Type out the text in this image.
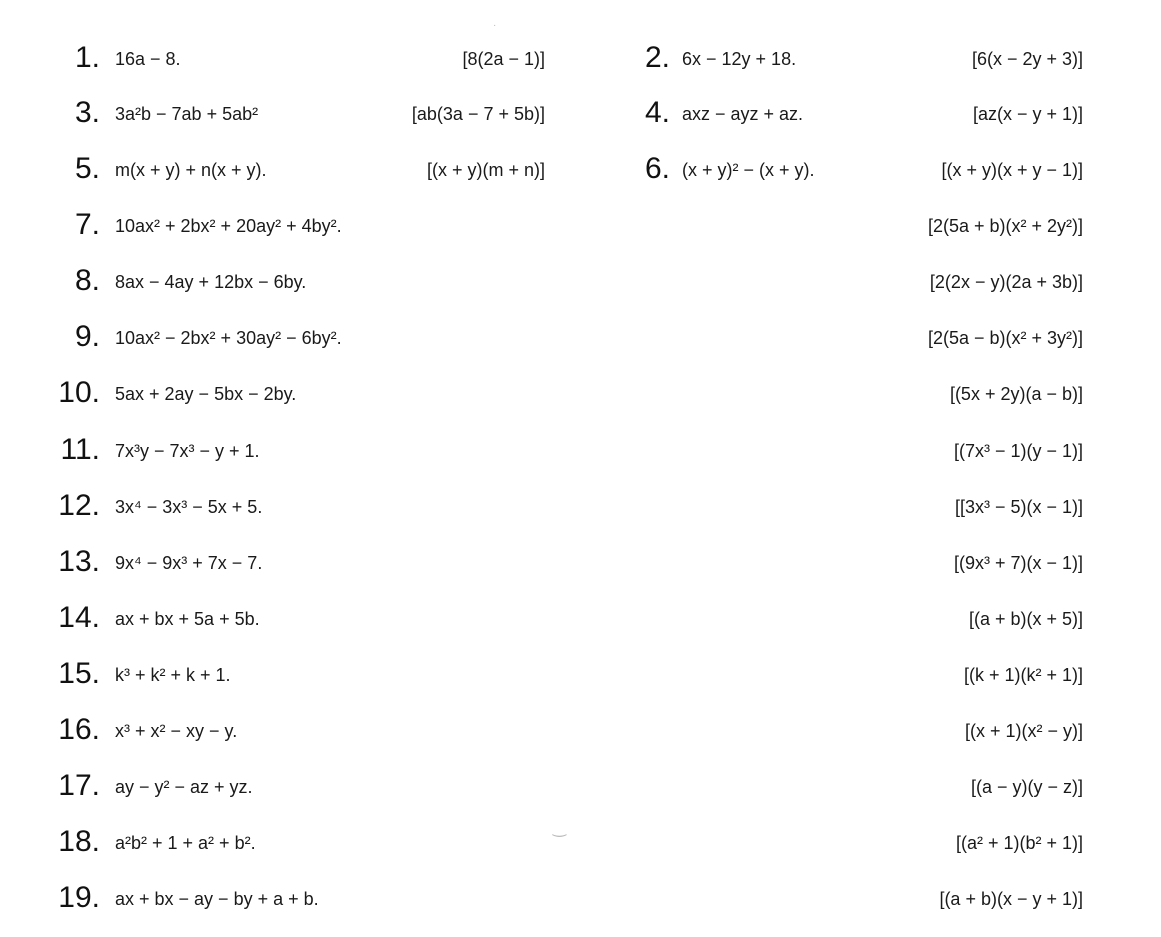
1. 16a − 8.	[8(2a − 1)]	2. 6x − 12y + 18.	[6(x − 2y + 3)]
3. 3a²b − 7ab + 5ab²	[ab(3a − 7 + 5b)]	4. axz − ayz + az.	[az(x − y + 1)]
5. m(x + y) + n(x + y).	[(x + y)(m + n)]	6. (x + y)² − (x + y).	[(x + y)(x + y − 1)]
7. 10ax² + 2bx² + 20ay² + 4by².	[2(5a + b)(x² + 2y²)]
8. 8ax − 4ay + 12bx − 6by.	[2(2x − y)(2a + 3b)]
9. 10ax² − 2bx² + 30ay² − 6by².	[2(5a − b)(x² + 3y²)]
10. 5ax + 2ay − 5bx − 2by.	[(5x + 2y)(a − b)]
11. 7x³y − 7x³ − y + 1.	[(7x³ − 1)(y − 1)]
12. 3x⁴ − 3x³ − 5x + 5.	[[3x³ − 5)(x − 1)]
13. 9x⁴ − 9x³ + 7x − 7.	[(9x³ + 7)(x − 1)]
14. ax + bx + 5a + 5b.	[(a + b)(x + 5)]
15. k³ + k² + k + 1.	[(k + 1)(k² + 1)]
16. x³ + x² − xy − y.	[(x + 1)(x² − y)]
17. ay − y² − az + yz.	[(a − y)(y − z)]
18. a²b² + 1 + a² + b².	[(a² + 1)(b² + 1)]
19. ax + bx − ay − by + a + b.	[(a + b)(x − y + 1)]
·
‿
